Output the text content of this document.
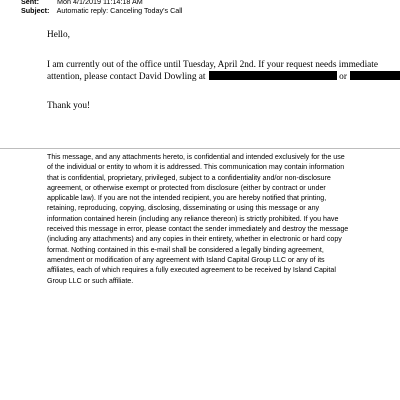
Sent:	Mon 4/1/2019 11:14:18 AM
Subject: Automatic reply: Canceling Today's Call
Hello,
I am currently out of the office until Tuesday, April 2nd. If your request needs immediate
attention, please contact David Dowling at	or
Thank you!
This message, and any attachments hereto, is confidential and intended exclusively for the use
of the individual or entity to whom it is addressed. This communication may contain information
that is confidential, proprietary, privileged, subject to a confidentiality and/or non-disclosure
agreement, or otherwise exempt or protected from disclosure (either by contract or under
applicable law). If you are not the intended recipient, you are hereby notified that printing,
retaining, reproducing, copying, disclosing, disseminating or using this message or any
information contained herein (including any reliance thereon) is strictly prohibited. If you have
received this message in error, please contact the sender immediately and destroy the message
(including any attachments) and any copies in their entirety, whether in electronic or hard copy
format. Nothing contained in this e-mail shall be considered a legally binding agreement,
amendment or modification of any agreement with Island Capital Group LLC or any of its
affiliates, each of which requires a fully executed agreement to be received by Island Capital
Group LLC or such affiliate.
